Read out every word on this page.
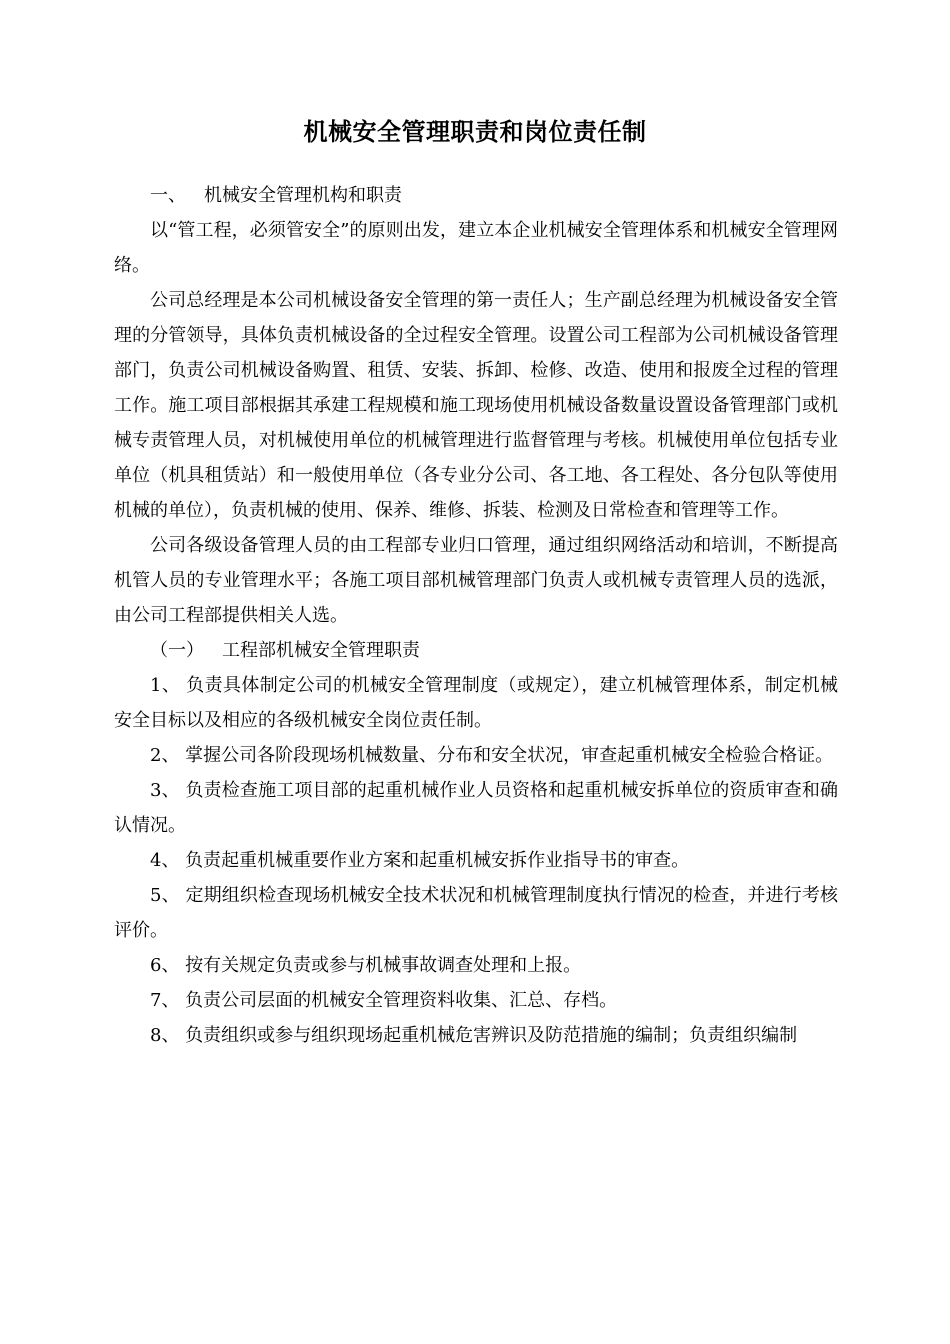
机械安全管理职责和岗位责任制
一、 机械安全管理机构和职责

以“管工程，必须管安全”的原则出发，建立本企业机械安全管理体系和机械安全管理网络。

公司总经理是本公司机械设备安全管理的第一责任人；生产副总经理为机械设备安全管理的分管领导，具体负责机械设备的全过程安全管理。设置公司工程部为公司机械设备管理部门，负责公司机械设备购置、租赁、安装、拆卸、检修、改造、使用和报废全过程的管理工作。施工项目部根据其承建工程规模和施工现场使用机械设备数量设置设备管理部门或机械专责管理人员，对机械使用单位的机械管理进行监督管理与考核。机械使用单位包括专业单位（机具租赁站）和一般使用单位（各专业分公司、各工地、各工程处、各分包队等使用机械的单位），负责机械的使用、保养、维修、拆装、检测及日常检查和管理等工作。

公司各级设备管理人员的由工程部专业归口管理，通过组织网络活动和培训，不断提高机管人员的专业管理水平；各施工项目部机械管理部门负责人或机械专责管理人员的选派，由公司工程部提供相关人选。

（一） 工程部机械安全管理职责

1、 负责具体制定公司的机械安全管理制度（或规定），建立机械管理体系，制定机械安全目标以及相应的各级机械安全岗位责任制。

2、 掌握公司各阶段现场机械数量、分布和安全状况，审查起重机械安全检验合格证。

3、 负责检查施工项目部的起重机械作业人员资格和起重机械安拆单位的资质审查和确认情况。

4、 负责起重机械重要作业方案和起重机械安拆作业指导书的审查。

5、 定期组织检查现场机械安全技术状况和机械管理制度执行情况的检查，并进行考核评价。

6、 按有关规定负责或参与机械事故调查处理和上报。

7、 负责公司层面的机械安全管理资料收集、汇总、存档。

8、 负责组织或参与组织现场起重机械危害辨识及防范措施的编制；负责组织编制
